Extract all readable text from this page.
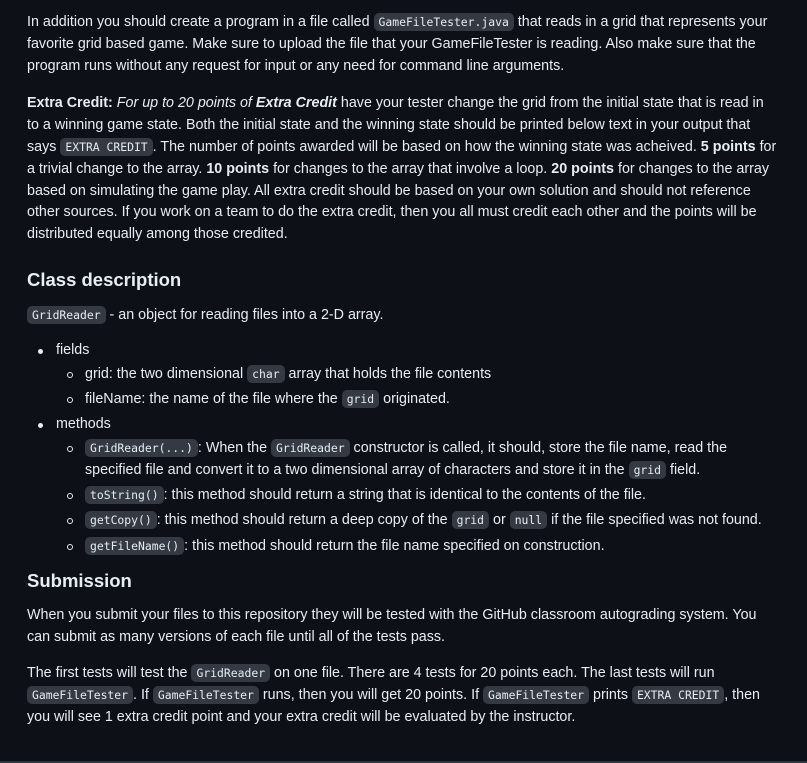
In addition you should create a program in a file called GameFileTester.java that reads in a grid that represents your favorite grid based game. Make sure to upload the file that your GameFileTester is reading. Also make sure that the program runs without any request for input or any need for command line arguments.

Extra Credit: For up to 20 points of Extra Credit have your tester change the grid from the initial state that is read in to a winning game state. Both the initial state and the winning state should be printed below text in your output that says EXTRA CREDIT . The number of points awarded will be based on how the winning state was acheived. 5 points for a trivial change to the array. 10 points for changes to the array that involve a loop. 20 points for changes to the array based on simulating the game play. All extra credit should be based on your own solution and should not reference other sources. If you work on a team to do the extra credit, then you all must credit each other and the points will be distributed equally among those credited.

Class description

GridReader - an object for reading files into a 2-D array.

fields
grid: the two dimensional char array that holds the file contents
fileName: the name of the file where the grid originated.
methods
GridReader(...) : When the GridReader constructor is called, it should, store the file name, read the specified file and convert it to a two dimensional array of characters and store it in the grid field.
toString() : this method should return a string that is identical to the contents of the file.
getCopy() : this method should return a deep copy of the grid or null if the file specified was not found.
getFileName() : this method should return the file name specified on construction.
Submission

When you submit your files to this repository they will be tested with the GitHub classroom autograding system. You can submit as many versions of each file until all of the tests pass.

The first tests will test the GridReader on one file. There are 4 tests for 20 points each. The last tests will run GameFileTester . If GameFileTester runs, then you will get 20 points. If GameFileTester prints EXTRA CREDIT , then you will see 1 extra credit point and your extra credit will be evaluated by the instructor.
